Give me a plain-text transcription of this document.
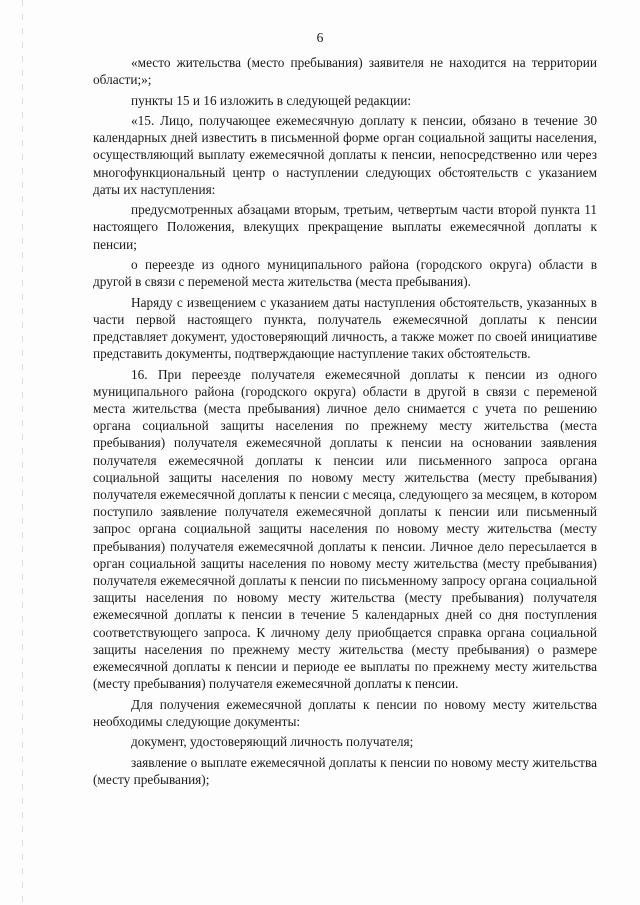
6

«место жительства (место пребывания) заявителя не находится на территории области;»;

пункты 15 и 16 изложить в следующей редакции:

«15. Лицо, получающее ежемесячную доплату к пенсии, обязано в течение 30 календарных дней известить в письменной форме орган социальной защиты населения, осуществляющий выплату ежемесячной доплаты к пенсии, непосредственно или через многофункциональный центр о наступлении следующих обстоятельств с указанием даты их наступления:

предусмотренных абзацами вторым, третьим, четвертым части второй пункта 11 настоящего Положения, влекущих прекращение выплаты ежемесячной доплаты к пенсии;

о переезде из одного муниципального района (городского округа) области в другой в связи с переменой места жительства (места пребывания).

Наряду с извещением с указанием даты наступления обстоятельств, указанных в части первой настоящего пункта, получатель ежемесячной доплаты к пенсии представляет документ, удостоверяющий личность, а также может по своей инициативе представить документы, подтверждающие наступление таких обстоятельств.

16. При переезде получателя ежемесячной доплаты к пенсии из одного муниципального района (городского округа) области в другой в связи с переменой места жительства (места пребывания) личное дело снимается с учета по решению органа социальной защиты населения по прежнему месту жительства (места пребывания) получателя ежемесячной доплаты к пенсии на основании заявления получателя ежемесячной доплаты к пенсии или письменного запроса органа социальной защиты населения по новому месту жительства (месту пребывания) получателя ежемесячной доплаты к пенсии с месяца, следующего за месяцем, в котором поступило заявление получателя ежемесячной доплаты к пенсии или письменный запрос органа социальной защиты населения по новому месту жительства (месту пребывания) получателя ежемесячной доплаты к пенсии. Личное дело пересылается в орган социальной защиты населения по новому месту жительства (месту пребывания) получателя ежемесячной доплаты к пенсии по письменному запросу органа социальной защиты населения по новому месту жительства (месту пребывания) получателя ежемесячной доплаты к пенсии в течение 5 календарных дней со дня поступления соответствующего запроса. К личному делу приобщается справка органа социальной защиты населения по прежнему месту жительства (месту пребывания) о размере ежемесячной доплаты к пенсии и периоде ее выплаты по прежнему месту жительства (месту пребывания) получателя ежемесячной доплаты к пенсии.

Для получения ежемесячной доплаты к пенсии по новому месту жительства необходимы следующие документы:

документ, удостоверяющий личность получателя;

заявление о выплате ежемесячной доплаты к пенсии по новому месту жительства (месту пребывания);
